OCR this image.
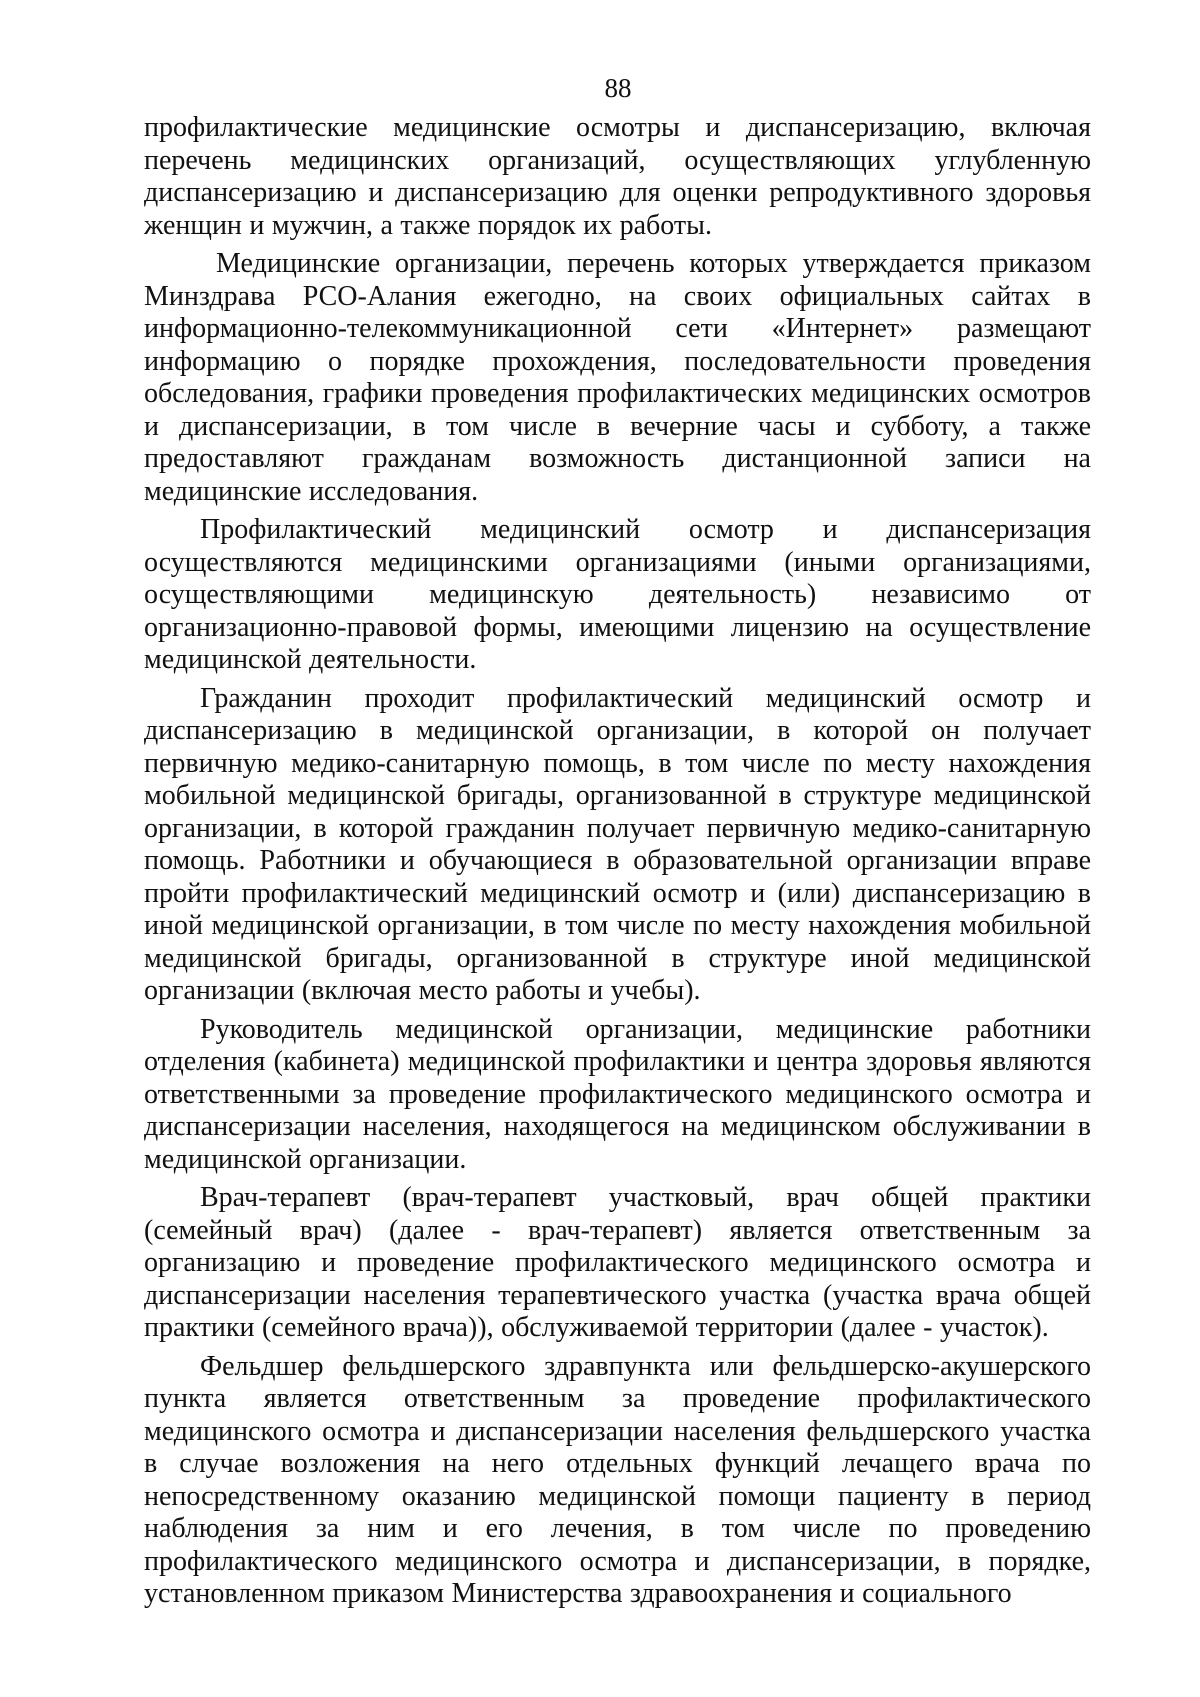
88

профилактические медицинские осмотры и диспансеризацию, включая перечень медицинских организаций, осуществляющих углубленную диспансеризацию и диспансеризацию для оценки репродуктивного здоровья женщин и мужчин, а также порядок их работы.

Медицинские организации, перечень которых утверждается приказом Минздрава РСО-Алания ежегодно, на своих официальных сайтах в информационно-телекоммуникационной сети «Интернет» размещают информацию о порядке прохождения, последовательности проведения обследования, графики проведения профилактических медицинских осмотров и диспансеризации, в том числе в вечерние часы и субботу, а также предоставляют гражданам возможность дистанционной записи на медицинские исследования.

Профилактический медицинский осмотр и диспансеризация осуществляются медицинскими организациями (иными организациями, осуществляющими медицинскую деятельность) независимо от организационно-правовой формы, имеющими лицензию на осуществление медицинской деятельности.

Гражданин проходит профилактический медицинский осмотр и диспансеризацию в медицинской организации, в которой он получает первичную медико-санитарную помощь, в том числе по месту нахождения мобильной медицинской бригады, организованной в структуре медицинской организации, в которой гражданин получает первичную медико-санитарную помощь. Работники и обучающиеся в образовательной организации вправе пройти профилактический медицинский осмотр и (или) диспансеризацию в иной медицинской организации, в том числе по месту нахождения мобильной медицинской бригады, организованной в структуре иной медицинской организации (включая место работы и учебы).

Руководитель медицинской организации, медицинские работники отделения (кабинета) медицинской профилактики и центра здоровья являются ответственными за проведение профилактического медицинского осмотра и диспансеризации населения, находящегося на медицинском обслуживании в медицинской организации.

Врач-терапевт (врач-терапевт участковый, врач общей практики (семейный врач) (далее - врач-терапевт) является ответственным за организацию и проведение профилактического медицинского осмотра и диспансеризации населения терапевтического участка (участка врача общей практики (семейного врача)), обслуживаемой территории (далее - участок).

Фельдшер фельдшерского здравпункта или фельдшерско-акушерского пункта является ответственным за проведение профилактического медицинского осмотра и диспансеризации населения фельдшерского участка в случае возложения на него отдельных функций лечащего врача по непосредственному оказанию медицинской помощи пациенту в период наблюдения за ним и его лечения, в том числе по проведению профилактического медицинского осмотра и диспансеризации, в порядке, установленном приказом Министерства здравоохранения и социального
